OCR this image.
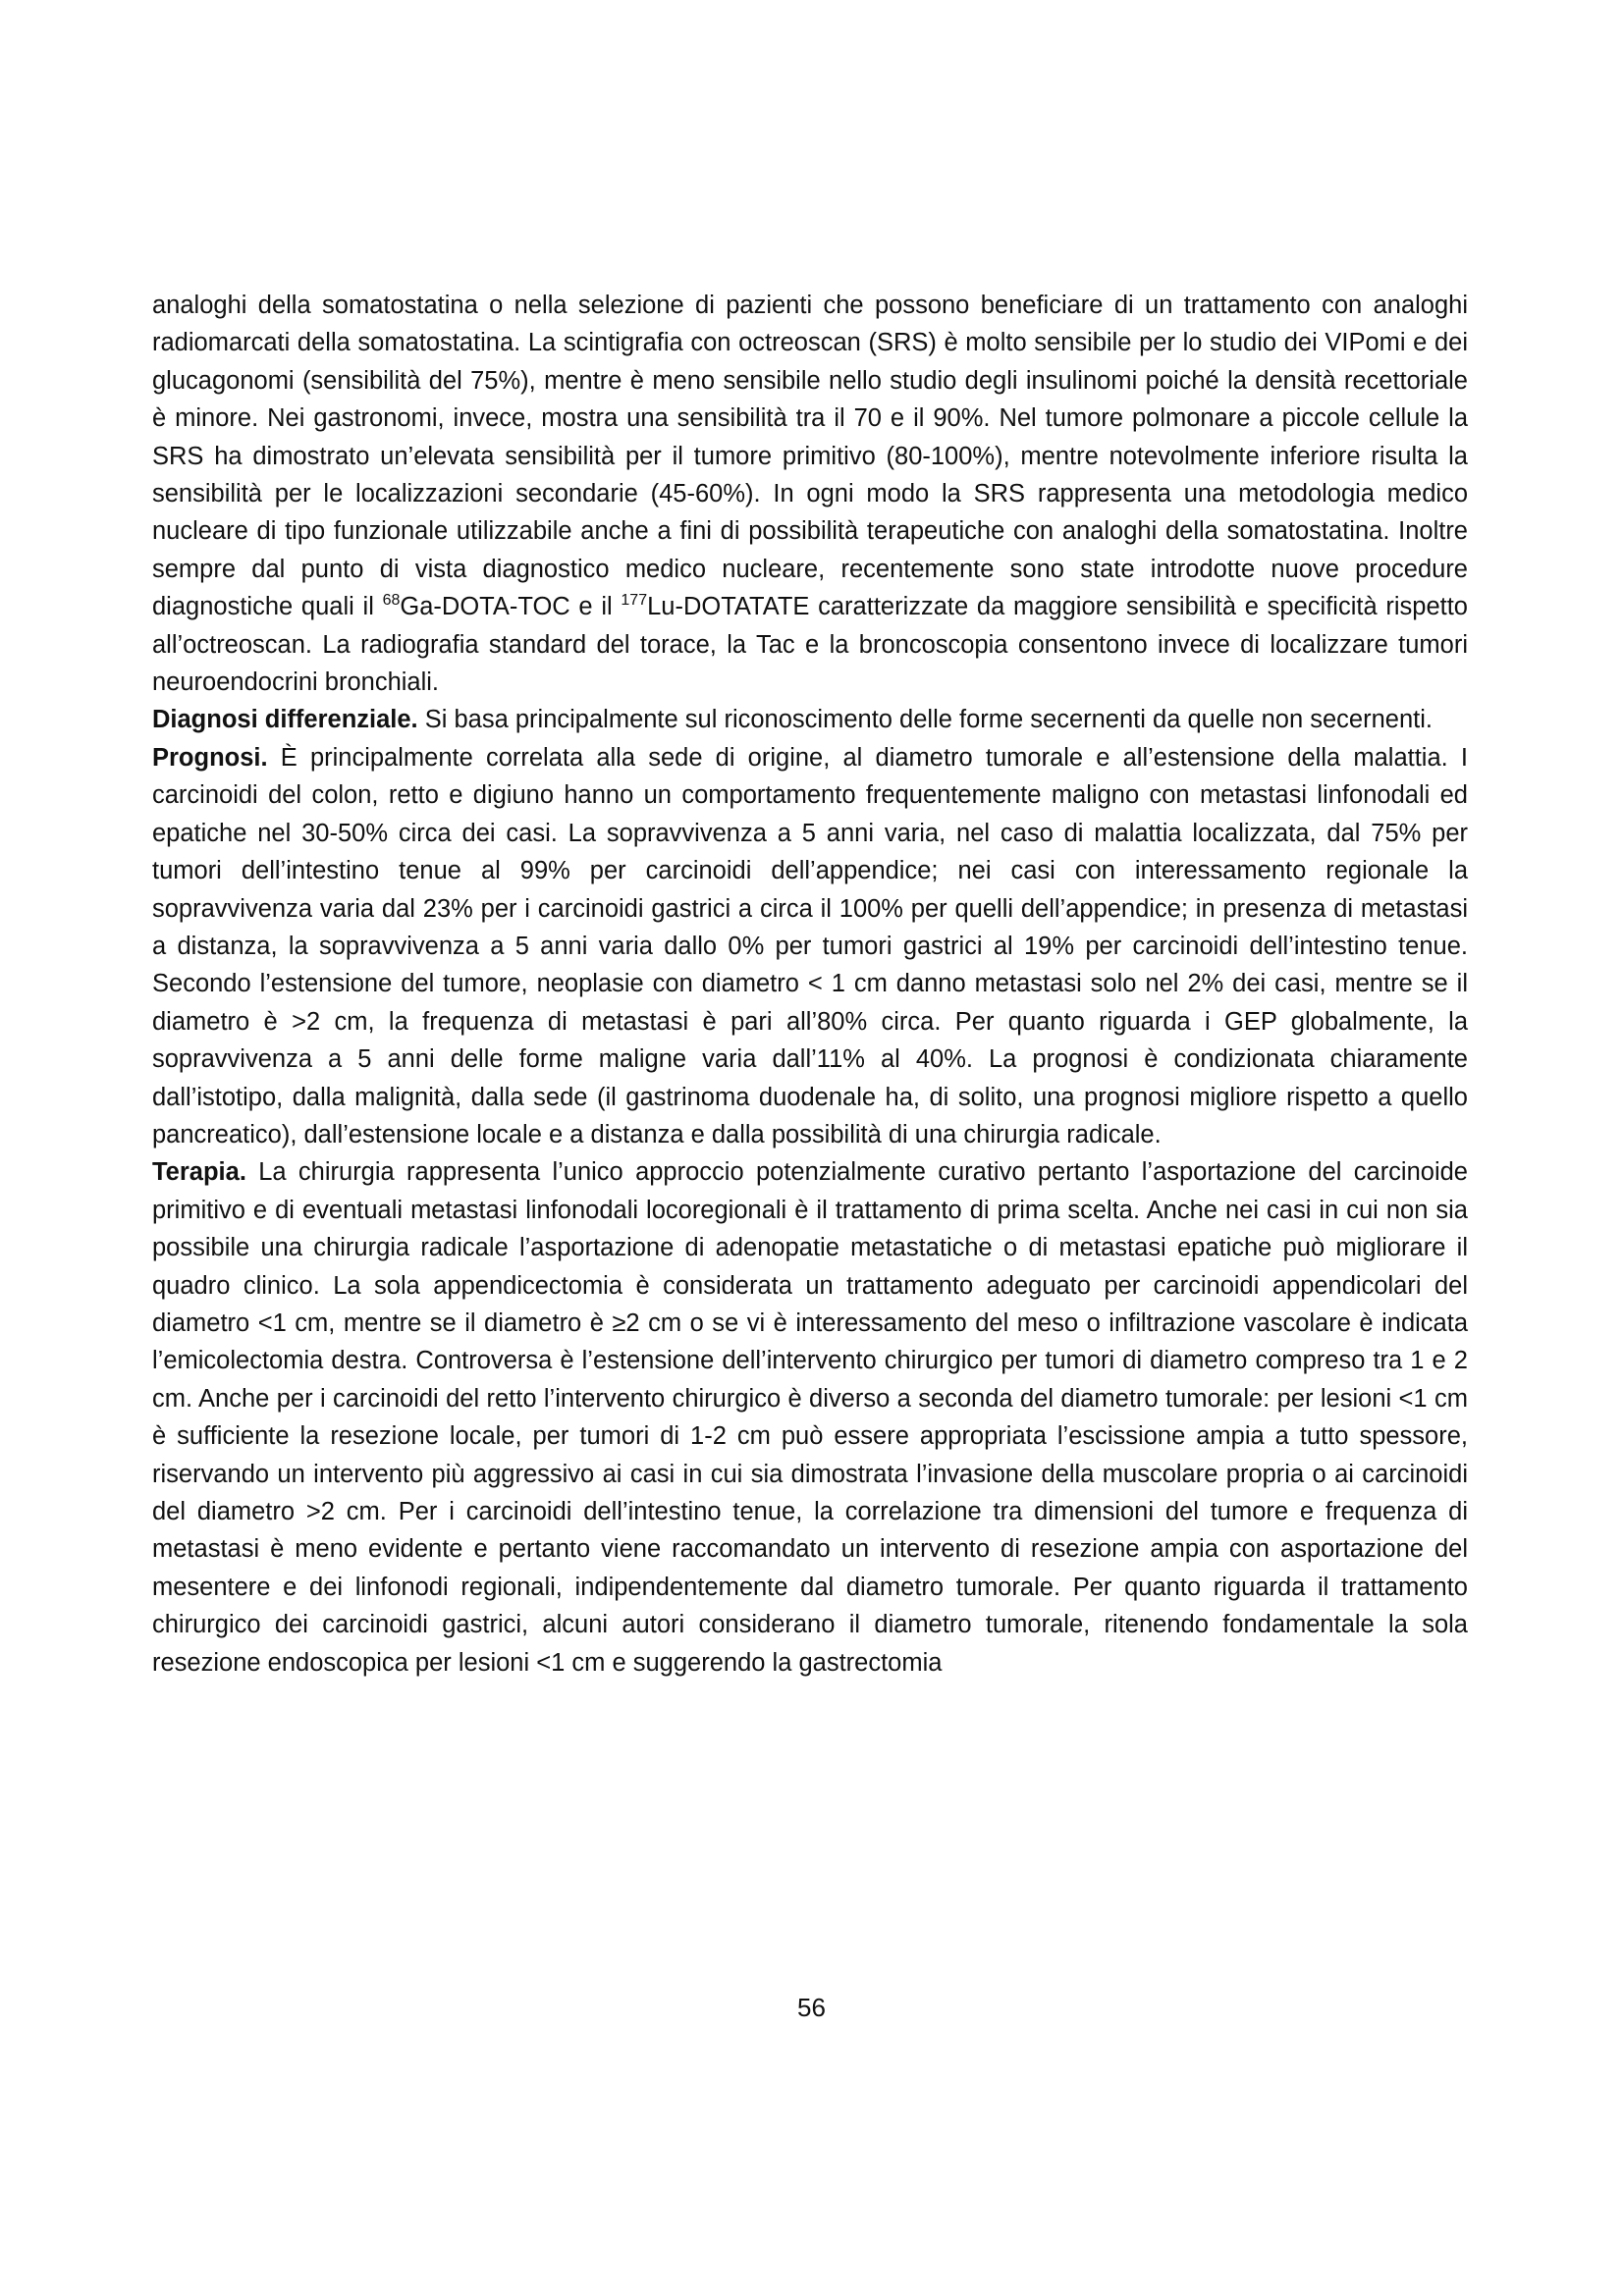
analoghi della somatostatina o nella selezione di pazienti che possono beneficiare di un trattamento con analoghi radiomarcati della somatostatina. La scintigrafia con octreoscan (SRS) è molto sensibile per lo studio dei VIPomi e dei glucagonomi (sensibilità del 75%), mentre è meno sensibile nello studio degli insulinomi poiché la densità recettoriale è minore. Nei gastronomi, invece, mostra una sensibilità tra il 70 e il 90%. Nel tumore polmonare a piccole cellule la SRS ha dimostrato un’elevata sensibilità per il tumore primitivo (80-100%), mentre notevolmente inferiore risulta la sensibilità per le localizzazioni secondarie (45-60%). In ogni modo la SRS rappresenta una metodologia medico nucleare di tipo funzionale utilizzabile anche a fini di possibilità terapeutiche con analoghi della somatostatina. Inoltre sempre dal punto di vista diagnostico medico nucleare, recentemente sono state introdotte nuove procedure diagnostiche quali il $^{68}$Ga-DOTA-TOC e il $^{177}$Lu-DOTATATE caratterizzate da maggiore sensibilità e specificità rispetto all’octreoscan. La radiografia standard del torace, la Tac e la broncoscopia consentono invece di localizzare tumori neuroendocrini bronchiali.

Diagnosi differenziale. Si basa principalmente sul riconoscimento delle forme secernenti da quelle non secernenti.

Prognosi. È principalmente correlata alla sede di origine, al diametro tumorale e all’estensione della malattia. I carcinoidi del colon, retto e digiuno hanno un comportamento frequentemente maligno con metastasi linfonodali ed epatiche nel 30-50% circa dei casi. La sopravvivenza a 5 anni varia, nel caso di malattia localizzata, dal 75% per tumori dell’intestino tenue al 99% per carcinoidi dell’appendice; nei casi con interessamento regionale la sopravvivenza varia dal 23% per i carcinoidi gastrici a circa il 100% per quelli dell’appendice; in presenza di metastasi a distanza, la sopravvivenza a 5 anni varia dallo 0% per tumori gastrici al 19% per carcinoidi dell’intestino tenue. Secondo l’estensione del tumore, neoplasie con diametro < 1 cm danno metastasi solo nel 2% dei casi, mentre se il diametro è >2 cm, la frequenza di metastasi è pari all’80% circa. Per quanto riguarda i GEP globalmente, la sopravvivenza a 5 anni delle forme maligne varia dall’11% al 40%. La prognosi è condizionata chiaramente dall’istotipo, dalla malignità, dalla sede (il gastrinoma duodenale ha, di solito, una prognosi migliore rispetto a quello pancreatico), dall’estensione locale e a distanza e dalla possibilità di una chirurgia radicale.

Terapia. La chirurgia rappresenta l’unico approccio potenzialmente curativo pertanto l’asportazione del carcinoide primitivo e di eventuali metastasi linfonodali locoregionali è il trattamento di prima scelta. Anche nei casi in cui non sia possibile una chirurgia radicale l’asportazione di adenopatie metastatiche o di metastasi epatiche può migliorare il quadro clinico. La sola appendicectomia è considerata un trattamento adeguato per carcinoidi appendicolari del diametro <1 cm, mentre se il diametro è ≥2 cm o se vi è interessamento del meso o infiltrazione vascolare è indicata l’emicolectomia destra. Controversa è l’estensione dell’intervento chirurgico per tumori di diametro compreso tra 1 e 2 cm. Anche per i carcinoidi del retto l’intervento chirurgico è diverso a seconda del diametro tumorale: per lesioni <1 cm è sufficiente la resezione locale, per tumori di 1-2 cm può essere appropriata l’escissione ampia a tutto spessore, riservando un intervento più aggressivo ai casi in cui sia dimostrata l’invasione della muscolare propria o ai carcinoidi del diametro >2 cm. Per i carcinoidi dell’intestino tenue, la correlazione tra dimensioni del tumore e frequenza di metastasi è meno evidente e pertanto viene raccomandato un intervento di resezione ampia con asportazione del mesentere e dei linfonodi regionali, indipendentemente dal diametro tumorale. Per quanto riguarda il trattamento chirurgico dei carcinoidi gastrici, alcuni autori considerano il diametro tumorale, ritenendo fondamentale la sola resezione endoscopica per lesioni <1 cm e suggerendo la gastrectomia

56
